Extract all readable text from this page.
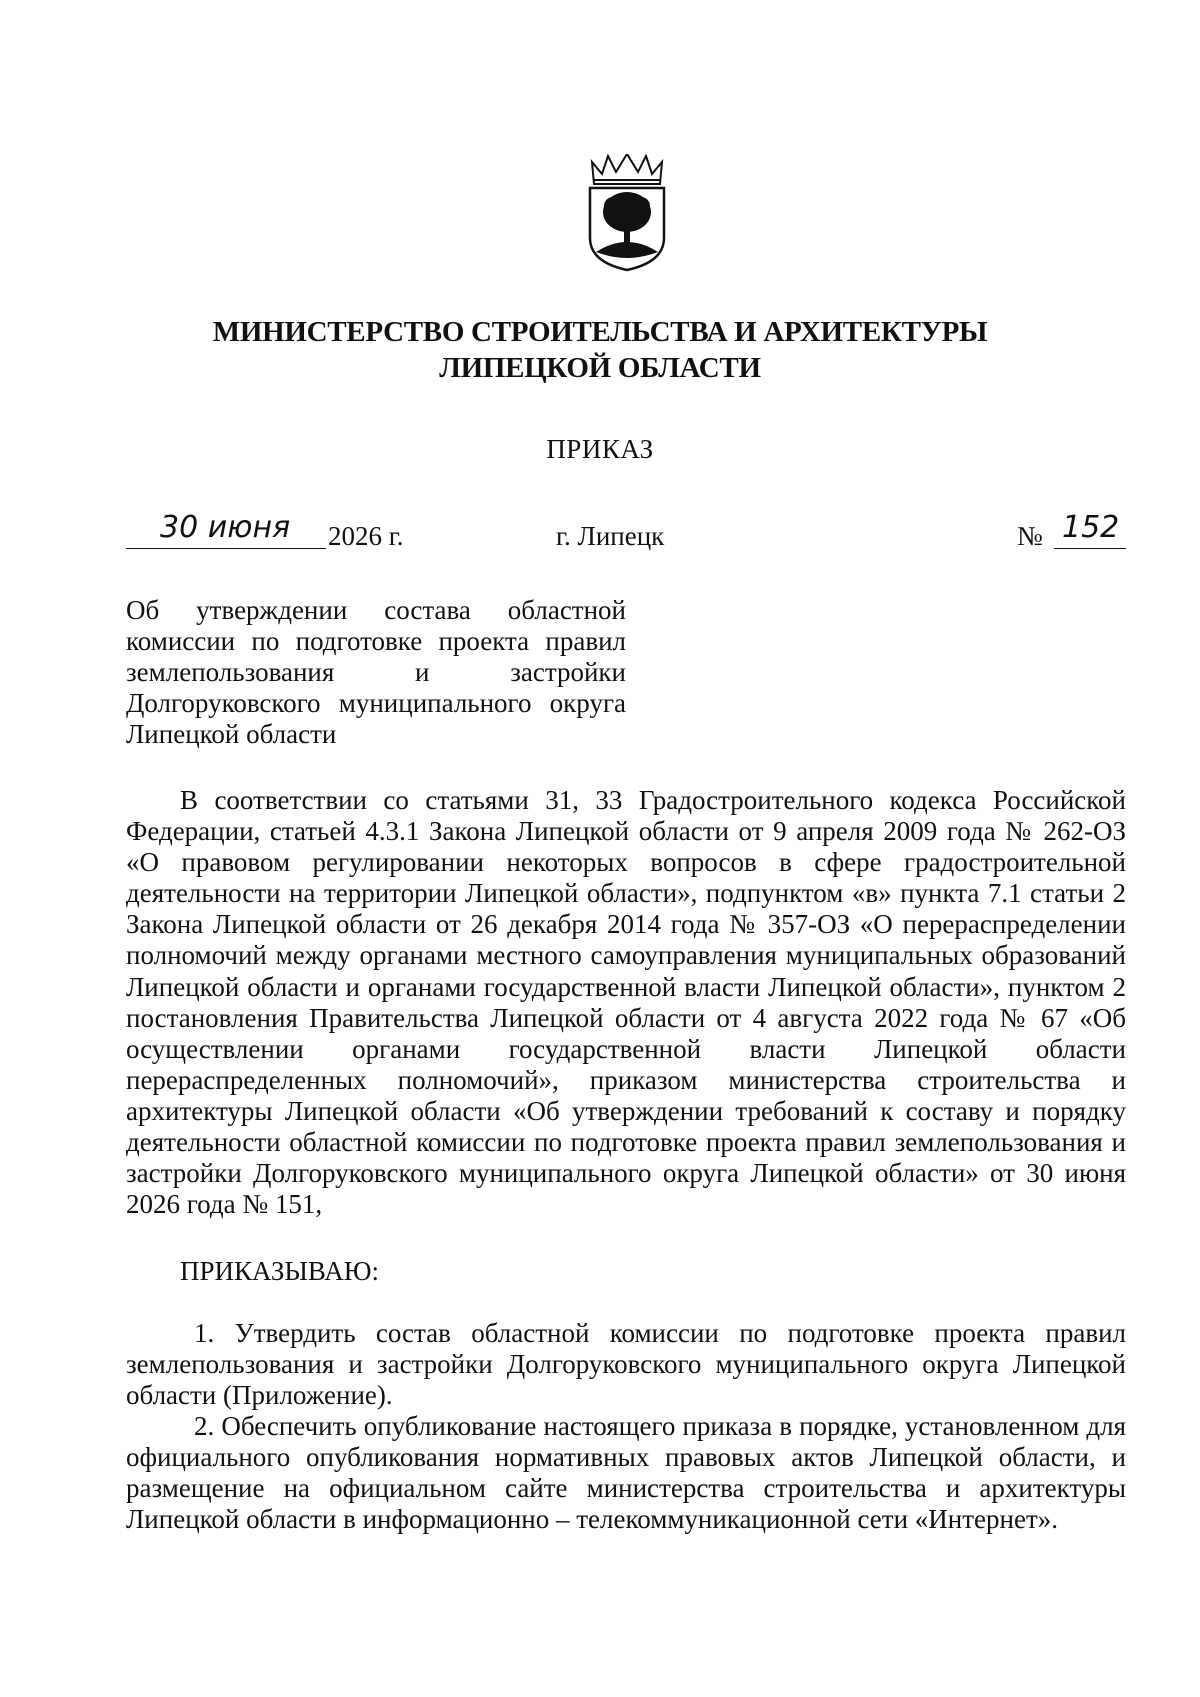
МИНИСТЕРСТВО СТРОИТЕЛЬСТВА И АРХИТЕКТУРЫ
ЛИПЕЦКОЙ ОБЛАСТИ
ПРИКАЗ
30 июня 2026 г.	г. Липецк	№ 152
Об утверждении состава областной комиссии по подготовке проекта правил землепользования и застройки Долгоруковского муниципального округа Липецкой области
В соответствии со статьями 31, 33 Градостроительного кодекса Российской Федерации, статьей 4.3.1 Закона Липецкой области от 9 апреля 2009 года № 262-ОЗ «О правовом регулировании некоторых вопросов в сфере градостроительной деятельности на территории Липецкой области», подпунктом «в» пункта 7.1 статьи 2 Закона Липецкой области от 26 декабря 2014 года № 357-ОЗ «О перераспределении полномочий между органами местного самоуправления муниципальных образований Липецкой области и органами государственной власти Липецкой области», пунктом 2 постановления Правительства Липецкой области от 4 августа 2022 года № 67 «Об осуществлении органами государственной власти Липецкой области перераспределенных полномочий», приказом министерства строительства и архитектуры Липецкой области «Об утверждении требований к составу и порядку деятельности областной комиссии по подготовке проекта правил землепользования и застройки Долгоруковского муниципального округа Липецкой области» от 30 июня 2026 года № 151,
ПРИКАЗЫВАЮ:
1. Утвердить состав областной комиссии по подготовке проекта правил землепользования и застройки Долгоруковского муниципального округа Липецкой области (Приложение).
2. Обеспечить опубликование настоящего приказа в порядке, установленном для официального опубликования нормативных правовых актов Липецкой области, и размещение на официальном сайте министерства строительства и архитектуры Липецкой области в информационно – телекоммуникационной сети «Интернет».
